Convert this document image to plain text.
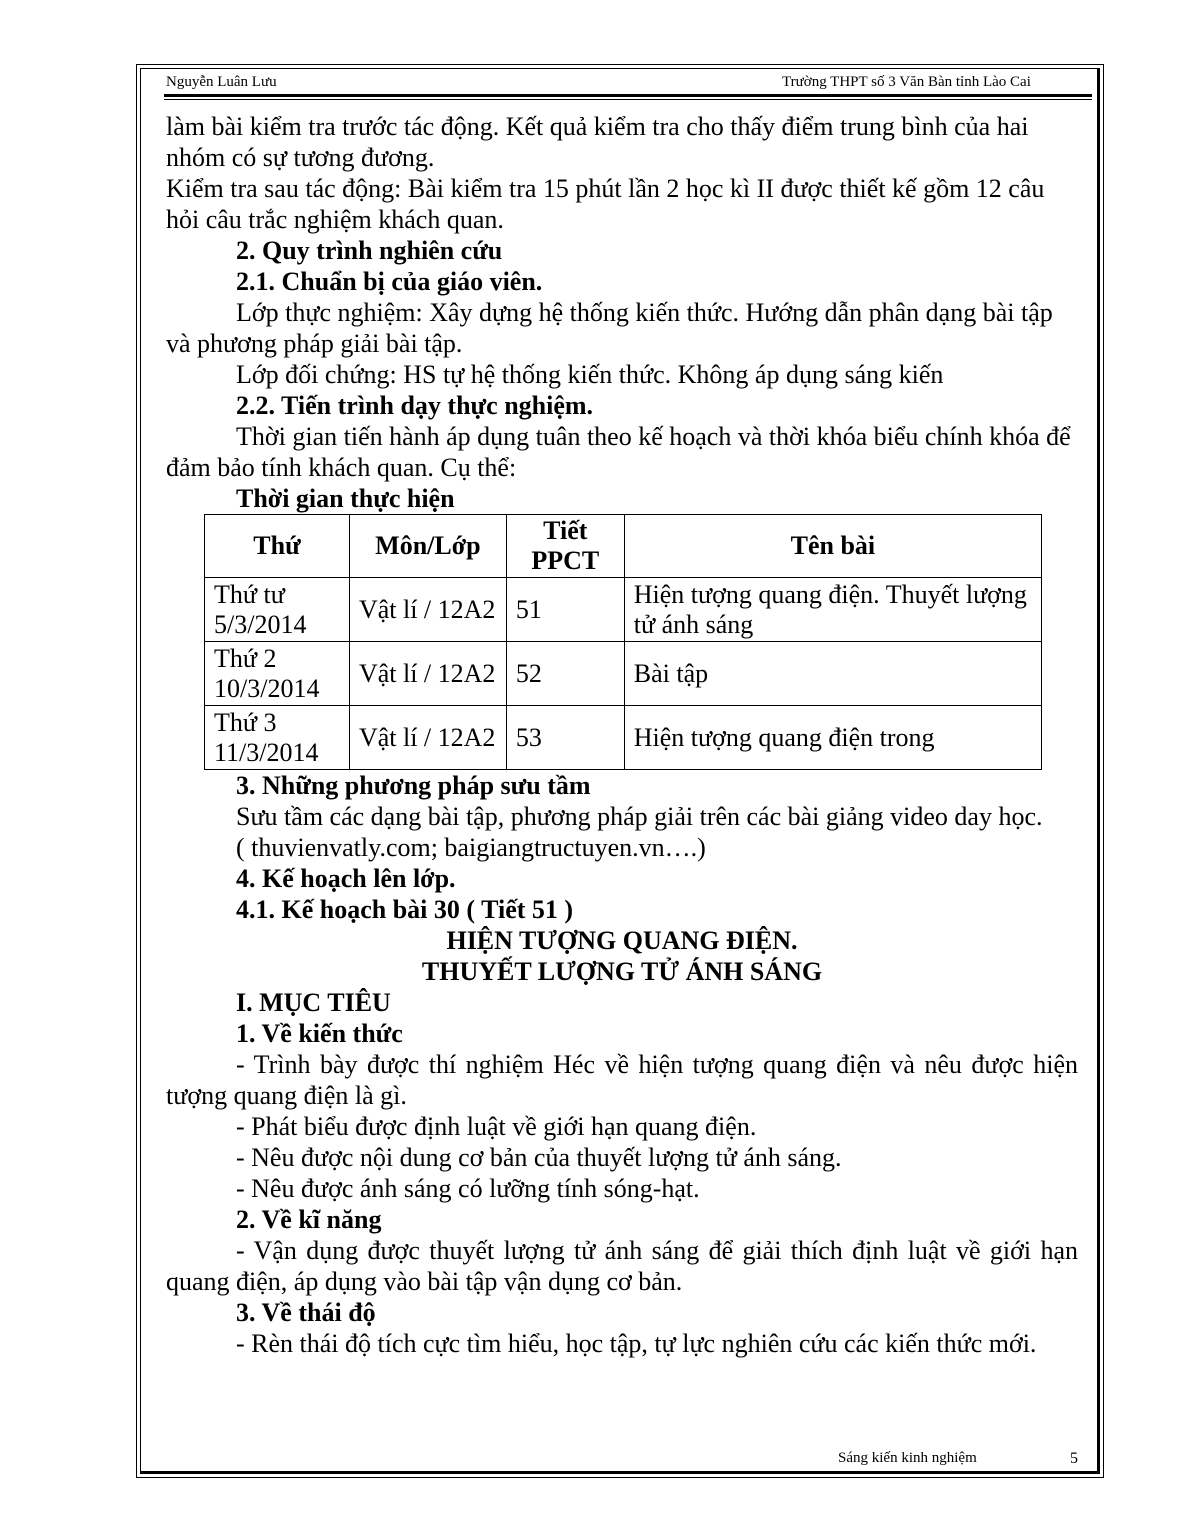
Nguyễn Luân Lưu	Trường THPT số 3 Văn Bàn tỉnh Lào Cai

làm bài kiểm tra trước tác động. Kết quả kiểm tra cho thấy điểm trung bình của hai nhóm có sự tương đương.

Kiểm tra sau tác động: Bài kiểm tra 15 phút lần 2 học kì II được thiết kế gồm 12 câu hỏi câu trắc nghiệm khách quan.

2. Quy trình nghiên cứu

2.1. Chuẩn bị của giáo viên.

Lớp thực nghiệm: Xây dựng hệ thống kiến thức. Hướng dẫn phân dạng bài tập và phương pháp giải bài tập.

Lớp đối chứng: HS tự hệ thống kiến thức. Không áp dụng sáng kiến

2.2. Tiến trình dạy thực nghiệm.

Thời gian tiến hành áp dụng tuân theo kế hoạch và thời khóa biểu chính khóa để đảm bảo tính khách quan. Cụ thể:

Thời gian thực hiện

Thứ	Môn/Lớp	Tiết PPCT	Tên bài
Thứ tư 5/3/2014	Vật lí / 12A2	51	Hiện tượng quang điện. Thuyết lượng tử ánh sáng
Thứ 2 10/3/2014	Vật lí / 12A2	52	Bài tập
Thứ 3 11/3/2014	Vật lí / 12A2	53	Hiện tượng quang điện trong

3. Những phương pháp sưu tầm

Sưu tầm các dạng bài tập, phương pháp giải trên các bài giảng video day học.

( thuvienvatly.com; baigiangtructuyen.vn….)

4. Kế hoạch lên lớp.

4.1. Kế hoạch bài 30 ( Tiết 51 )

HIỆN TƯỢNG QUANG ĐIỆN.

THUYẾT LƯỢNG TỬ ÁNH SÁNG

I. MỤC TIÊU

1. Về kiến thức

- Trình bày được thí nghiệm Héc về hiện tượng quang điện và nêu được hiện tượng quang điện là gì.

- Phát biểu được định luật về giới hạn quang điện.

- Nêu được nội dung cơ bản của thuyết lượng tử ánh sáng.

- Nêu được ánh sáng có lưỡng tính sóng-hạt.

2. Về kĩ năng

- Vận dụng được thuyết lượng tử ánh sáng để giải thích định luật về giới hạn quang điện, áp dụng vào bài tập vận dụng cơ bản.

3. Về thái độ

- Rèn thái độ tích cực tìm hiểu, học tập, tự lực nghiên cứu các kiến thức mới.

Sáng kiến kinh nghiệm	5
